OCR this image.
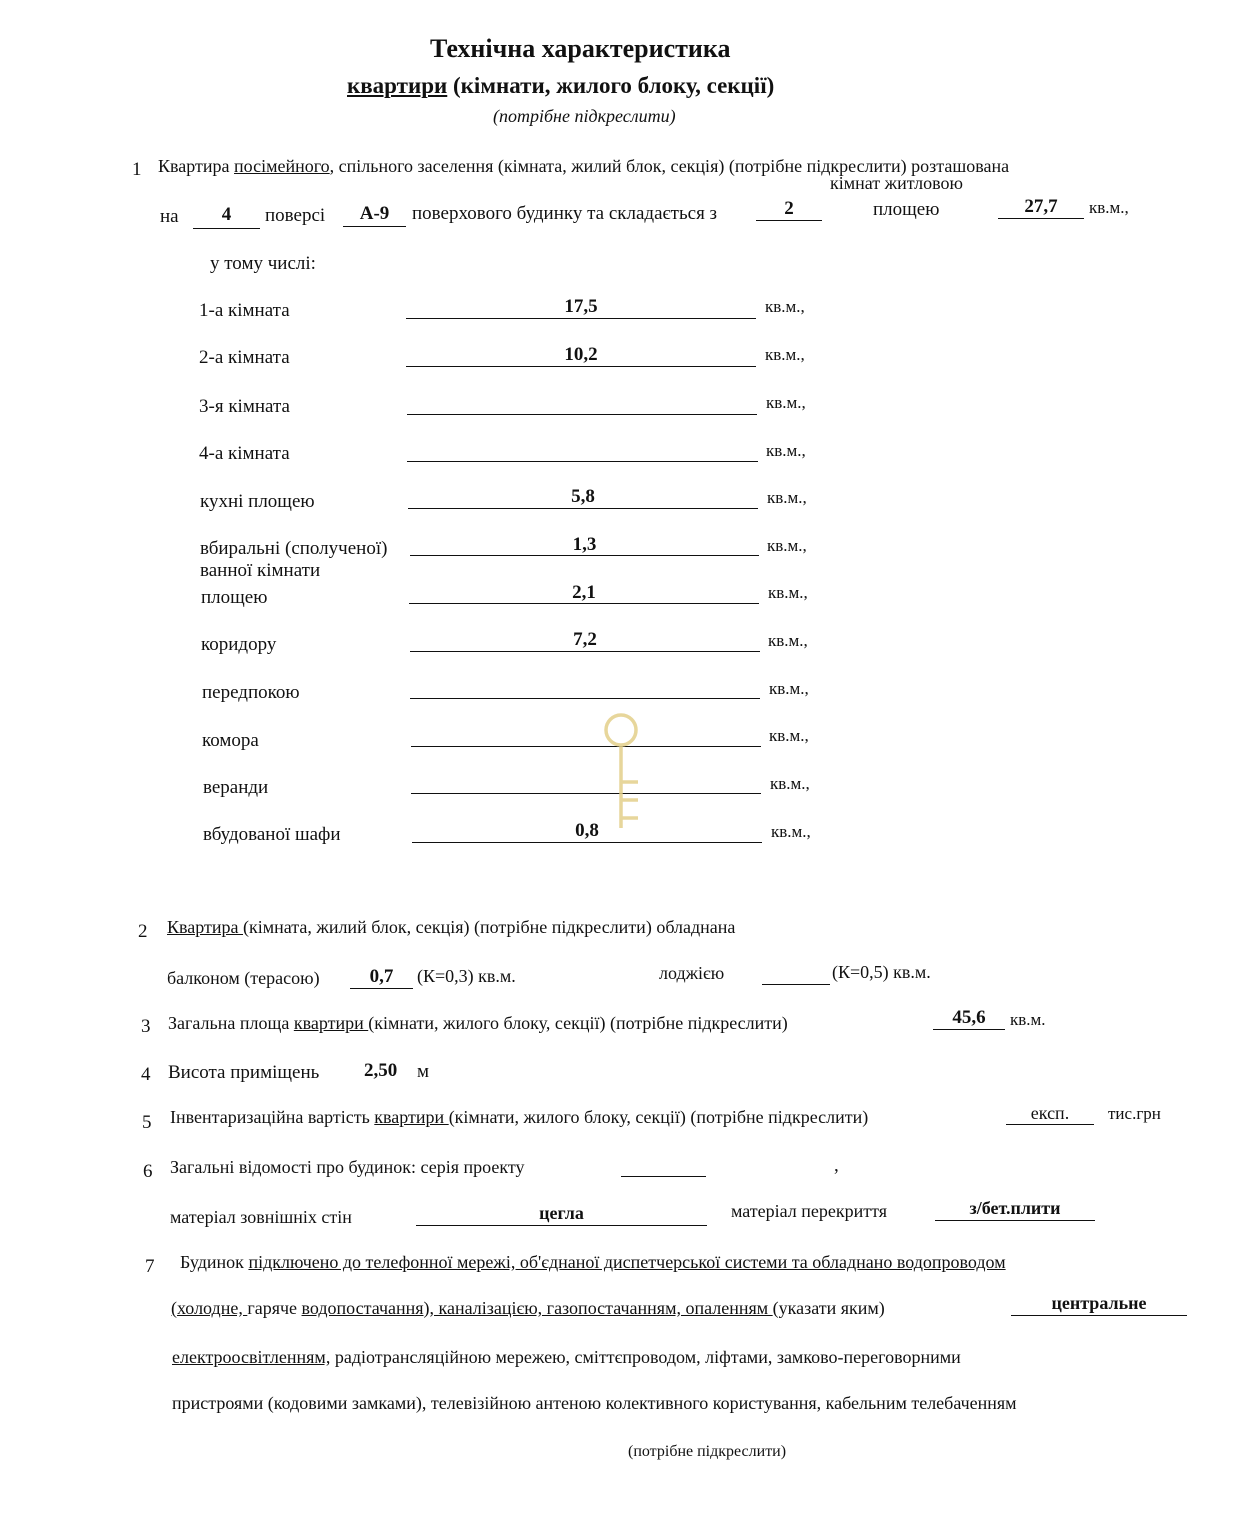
Технічна характеристика
квартири (кімнати, жилого блоку, секції)
(потрібне підкреслити)
1 Квартира посімейного, спільного заселення (кімната, жилий блок, секція) (потрібне підкреслити) розташована
кімнат житловою
на	4	поверсі	А-9	поверхового будинку та складається з	2	площею	27,7	кв.м.,
у тому числі:
1-а кімната	17,5	кв.м.,
2-а кімната	10,2	кв.м.,
3-я кімната	кв.м.,
4-а кімната	кв.м.,
кухні площею	5,8	кв.м.,
вбиральні (сполученої)
ванної кімнати
1,3	кв.м.,
площею	2,1	кв.м.,
коридору	7,2	кв.м.,
передпокою	кв.м.,
комора	кв.м.,
веранди	кв.м.,
вбудованої шафи	0,8	кв.м.,
2 Квартира (кімната, жилий блок, секція) (потрібне підкреслити) обладнана
балконом (терасою)	0,7	(К=0,3) кв.м.	лоджією	(К=0,5) кв.м.
3 Загальна площа квартири (кімнати, жилого блоку, секції) (потрібне підкреслити)	45,6	кв.м.
4 Висота приміщень 2,50 м
5 Інвентаризаційна вартість квартири (кімнати, жилого блоку, секції) (потрібне підкреслити)	експ.	тис.грн
6 Загальні відомості про будинок: серія проекту	,
матеріал зовнішніх стін	цегла	матеріал перекриття	з/бет.плити
7 Будинок підключено до телефонної мережі, об'єднаної диспетчерської системи та обладнано водопроводом
(холодне, гаряче водопостачання), каналізацією, газопостачанням, опаленням (указати яким)	центральне
електроосвітленням, радіотрансляційною мережею, сміттєпроводом, ліфтами, замково-переговорними
пристроями (кодовими замками), телевізійною антеною колективного користування, кабельним телебаченням
(потрібне підкреслити)
